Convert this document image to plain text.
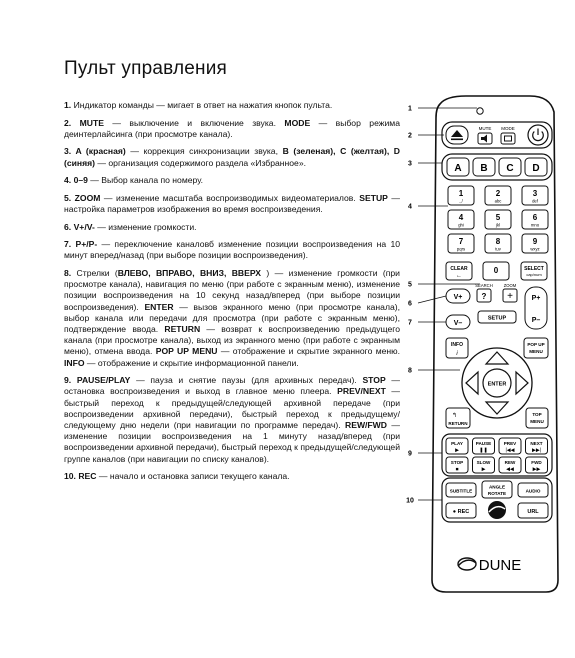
Пульт управления
1. Индикатор команды — мигает в ответ на нажатия кнопок пульта.
2. MUTE — выключение и включение звука. MODE — выбор режима деинтерлайсинга (при просмотре канала).
3. A (красная) — коррекция синхронизации звука, B (зеленая), C (желтая), D (синяя) — организация содержимого раздела «Избранное».
4. 0–9 — Выбор канала по номеру.
5. ZOOM — изменение масштаба воспроизводимых видеоматериалов. SETUP — настройка параметров изображения во время воспроизведения.
6. V+/V- — изменение громкости.
7. P+/P- — переключение каналовб изменение позиции воспроизведения на 10 минут вперед/назад (при выборе позиции воспроизведения).
8. Стрелки (ВЛЕВО, ВПРАВО, ВНИЗ, ВВЕРХ ) — изменение громкости (при просмотре канала), навигация по меню (при работе с экранным меню), изменение позиции воспроизведения на 10 секунд назад/вперед (при выборе позиции воспроизведения). ENTER — вызов экранного меню (при просмотре канала), выбор канала или передачи для просмотра (при работе с экранным меню), подтверждение ввода. RETURN — возврат к воспроизведению предыдущего канала (при просмотре канала), выход из экранного меню (при работе с экранным меню), отмена ввода. POP UP MENU — отображение и скрытие экранного меню. INFO — отображение и скрытие информационной панели.
9. PAUSE/PLAY — пауза и снятие паузы (для архивных передач). STOP — остановка воспроизведения и выход в главное меню плеера. PREV/NEXT — быстрый переход к предыдущей/следующей архивной передаче (при воспроизведении архивной передачи), быстрый переход к предыдущему/следующему дню недели (при навигации по программе передач). REW/FWD — изменение позиции воспроизведения на 1 минуту назад/вперед (при воспроизведении архивной передачи), быстрый переход к предыдущей/следующей группе каналов (при навигации по списку каналов).
10. REC — начало и остановка записи текущего канала.
MUTE MODE
A B C D
1
.,/
2
abc
3
def
4
ghi
5
jkl
6
mno
7
pqrs
8
tuv
9
wxyz
CLEAR
←
0
⎵
SELECT
cap/num
SEARCH	ZOOM
V+ ? +	P+
P–
SETUP
V–
INFO
i
POP UP
MENU
ENTER
↰
RETURN
TOP
MENU
PLAY
▶
PAUSE
❚❚
PREV
|◀◀
NEXT
▶▶|
STOP
■
SLOW
▶
REW
◀◀
FWD
▶▶
SUBTITLE
ANGLE
ROTATE	AUDIO
● REC	URL
DUNE
1
2
3
4
5
6
7
8
9
10
